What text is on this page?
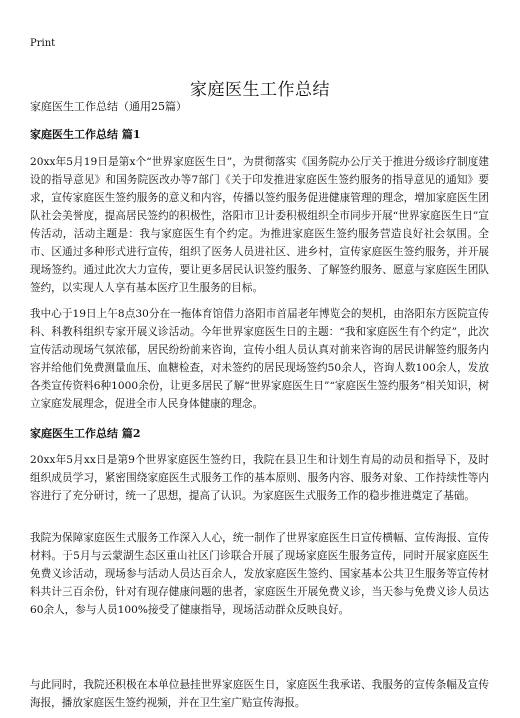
Print
家庭医生工作总结
家庭医生工作总结（通用25篇）
家庭医生工作总结 篇1

20xx年5月19日是第x个“世界家庭医生日”，为贯彻落实《国务院办公厅关于推进分级诊疗制度建设的指导意见》和国务院医改办等7部门《关于印发推进家庭医生签约服务的指导意见的通知》要求，宣传家庭医生签约服务的意义和内容，传播以签约服务促进健康管理的理念，增加家庭医生团队社会美誉度，提高居民签约的积极性，洛阳市卫计委积极组织全市同步开展“世界家庭医生日”宣传活动，活动主题是：我与家庭医生有个约定。为推进家庭医生签约服务营造良好社会氛围。全市、区通过多种形式进行宣传，组织了医务人员进社区、进乡村，宣传家庭医生签约服务，并开展现场签约。通过此次大力宣传，要让更多居民认识签约服务、了解签约服务、愿意与家庭医生团队签约，以实现人人享有基本医疗卫生服务的目标。

我中心于19日上午8点30分在一拖体育馆借力洛阳市首届老年博览会的契机，由洛阳东方医院宣传科、科教科组织专家开展义诊活动。今年世界家庭医生日的主题：“我和家庭医生有个约定”，此次宣传活动现场气氛浓郁，居民纷纷前来咨询，宣传小组人员认真对前来咨询的居民讲解签约服务内容并给他们免费测量血压、血糖检查，对未签约的居民现场签约50余人，咨询人数100余人，发放各类宣传资料6种1000余份，让更多居民了解“世界家庭医生日”“家庭医生签约服务”相关知识，树立家庭发展理念，促进全市人民身体健康的理念。

家庭医生工作总结 篇2

20xx年5月xx日是第9个世界家庭医生签约日，我院在县卫生和计划生育局的动员和指导下，及时组织成员学习，紧密围绕家庭医生式服务工作的基本原则、服务内容、服务对象、工作持续性等内容进行了充分研讨，统一了思想，提高了认识。为家庭医生式服务工作的稳步推进奠定了基础。

我院为保障家庭医生式服务工作深入人心，统一制作了世界家庭医生日宣传横幅、宣传海报、宣传材料。于5月与云蒙湖生态区重山社区门诊联合开展了现场家庭医生服务宣传，同时开展家庭医生免费义诊活动，现场参与活动人员达百余人，发放家庭医生签约、国家基本公共卫生服务等宣传材料共计三百余份，针对有现存健康问题的患者，家庭医生开展免费义诊，当天参与免费义诊人员达60余人，参与人员100%接受了健康指导，现场活动群众反映良好。

与此同时，我院还积极在本单位悬挂世界家庭医生日，家庭医生我承诺、我服务的宣传条幅及宣传海报，播放家庭医生签约视频，并在卫生室广贴宣传海报。
